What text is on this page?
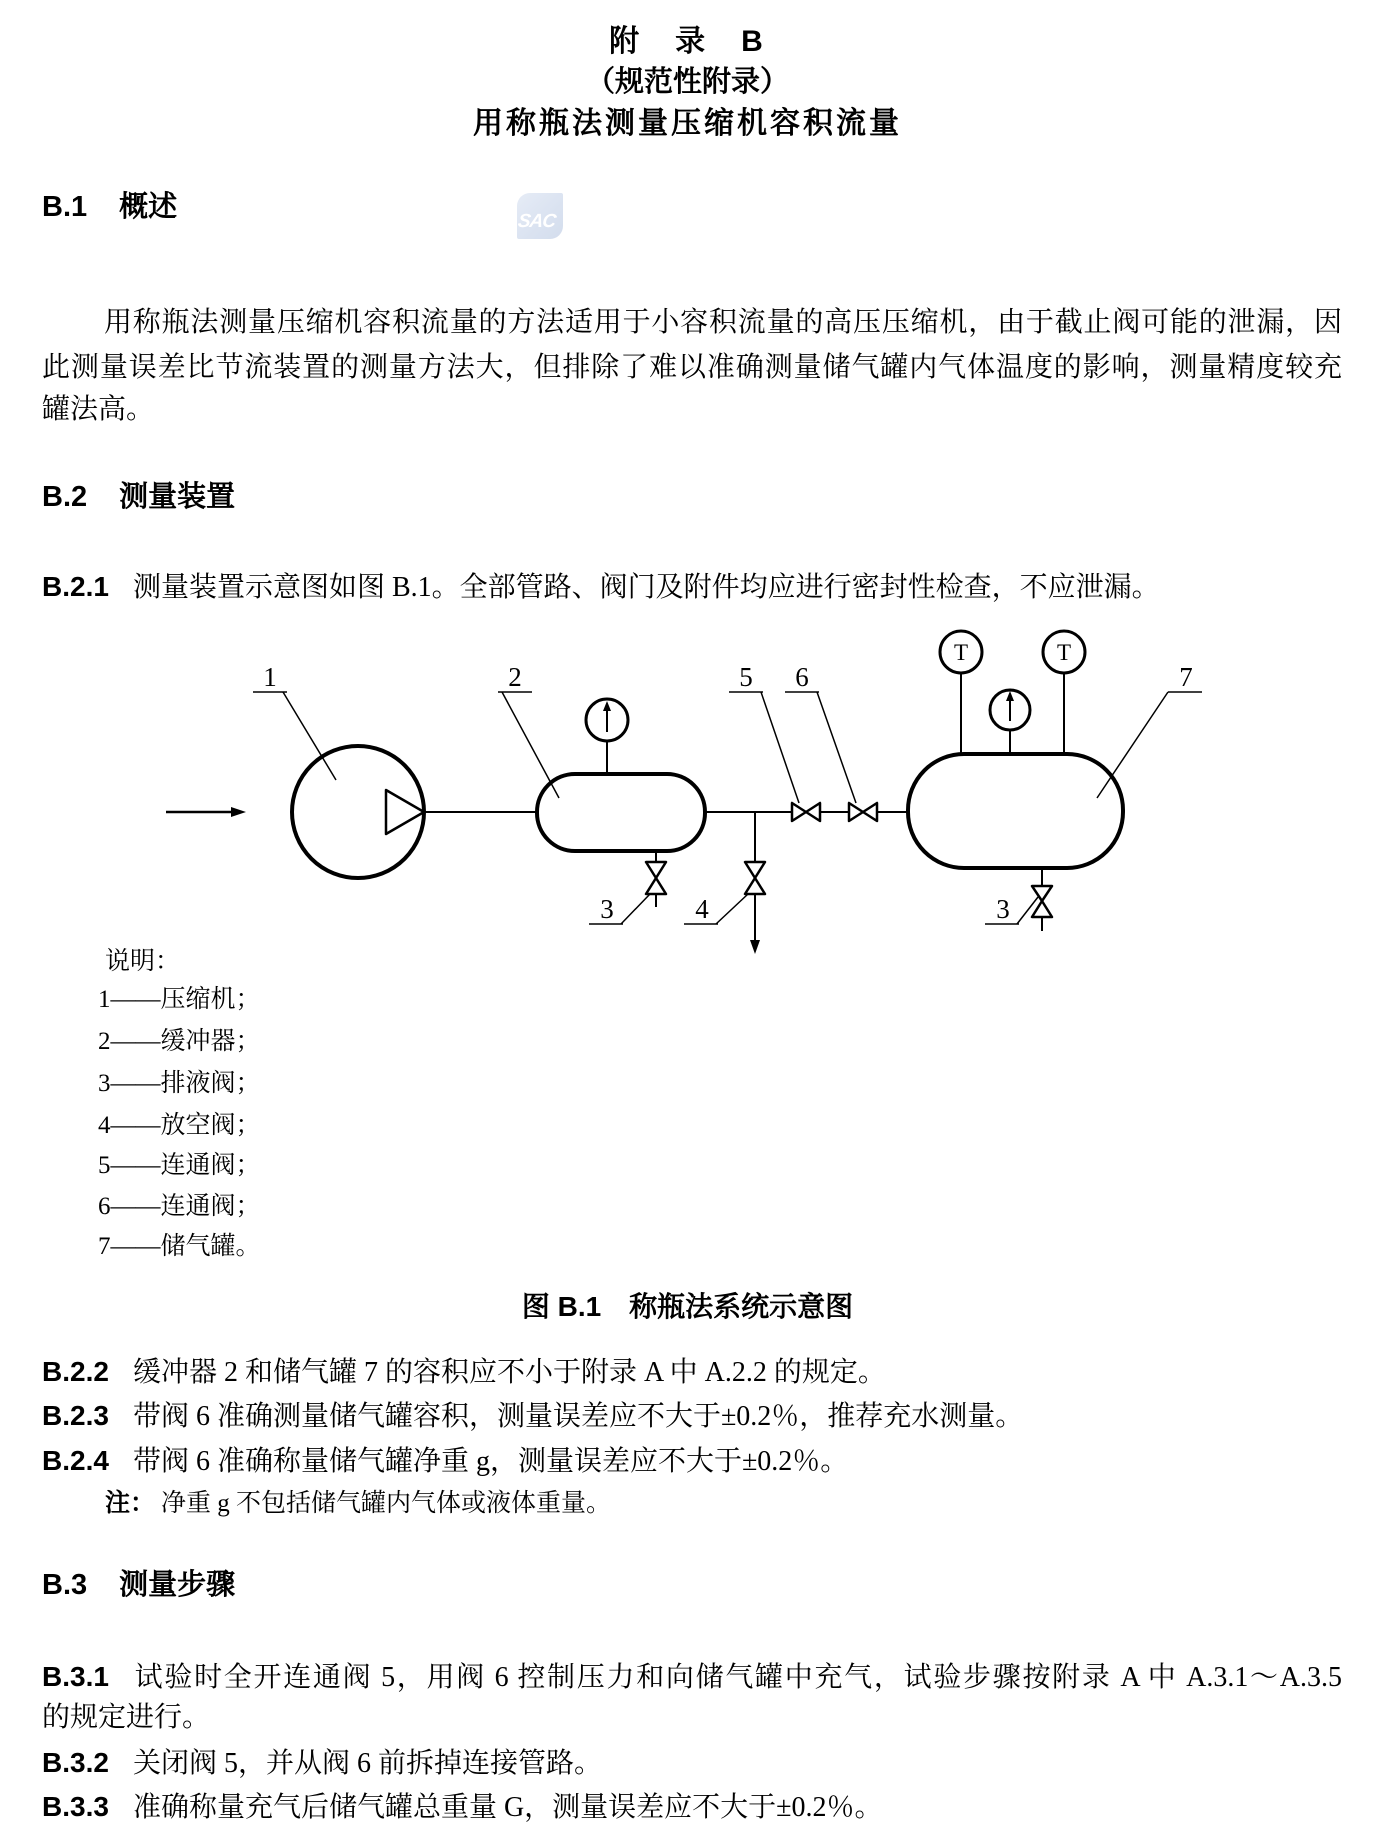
附　录　B
（规范性附录）
用称瓶法测量压缩机容积流量
SAC
B.1 概述
用称瓶法测量压缩机容积流量的方法适用于小容积流量的高压压缩机，由于截止阀可能的泄漏，因
此测量误差比节流装置的测量方法大，但排除了难以准确测量储气罐内气体温度的影响，测量精度较充
罐法高。
B.2 测量装置
B.2.1 测量装置示意图如图 B.1。全部管路、阀门及附件均应进行密封性检查，不应泄漏。
T	T
1	2	5 6	7
3	4	3
说明：
1——压缩机；
2——缓冲器；
3——排液阀；
4——放空阀；
5——连通阀；
6——连通阀；
7——储气罐。
图 B.1　称瓶法系统示意图
B.2.2 缓冲器 2 和储气罐 7 的容积应不小于附录 A 中 A.2.2 的规定。
B.2.3 带阀 6 准确测量储气罐容积，测量误差应不大于±0.2％，推荐充水测量。
B.2.4 带阀 6 准确称量储气罐净重 g，测量误差应不大于±0.2％。
注： 净重 g 不包括储气罐内气体或液体重量。
B.3 测量步骤
B.3.1 试验时全开连通阀 5，用阀 6 控制压力和向储气罐中充气，试验步骤按附录 A 中 A.3.1～A.3.5
的规定进行。
B.3.2 关闭阀 5，并从阀 6 前拆掉连接管路。
B.3.3 准确称量充气后储气罐总重量 G，测量误差应不大于±0.2％。
